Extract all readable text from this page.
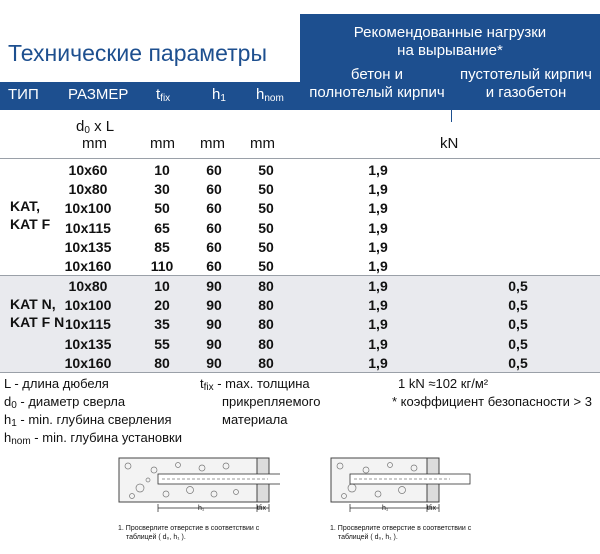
Технические параметры
Рекомендованные нагрузки
на вырывание*
бетон и
полнотелый кирпич
пустотелый кирпич
и газобетон
ТИП РАЗМЕР $t_{fix}$	$h_1$ $h_{nom}$
$d_0$ x L
mm	mm mm mm	kN
KAT,
KAT F
KAT N,
KAT F N
10x60	10	60	50	1,9
10x80	30	60	50	1,9
10x100	50	60	50	1,9
10x115	65	60	50	1,9
10x135	85	60	50	1,9
10x160	110	60	50	1,9
10x80	10	90	80	1,9	0,5
10x100	20	90	80	1,9	0,5
10x115	35	90	80	1,9	0,5
10x135	55	90	80	1,9	0,5
10x160	80	90	80	1,9	0,5
L - длина дюбеля
$d_0$ - диаметр сверла
$h_1$ - min. глубина сверления
$h_{nom}$ - min. глубина установки
$t_{fix}$ - max. толщина
прикрепляемого
материала
1 kN ≈102 кг/м²
* коэффициент безопасности > 3
h₁	tfix
1. Просверлите отверстие в соответствии с
таблицей ( d₀, h₁ ).
h₁	tfix
1. Просверлите отверстие в соответствии с
таблицей ( d₀, h₁ ).
